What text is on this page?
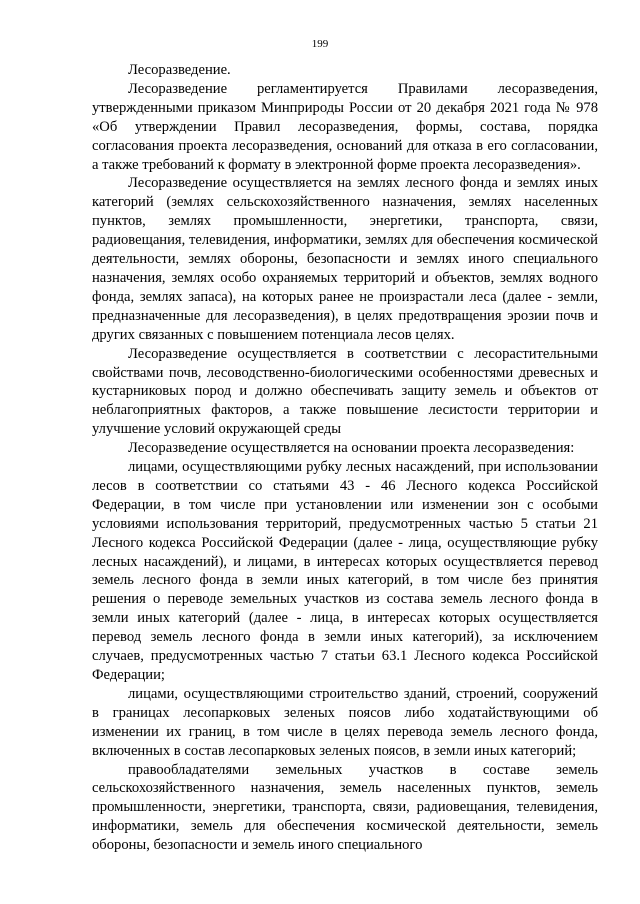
199

Лесоразведение.

Лесоразведение регламентируется Правилами лесоразведения, утвержденными приказом Минприроды России от 20 декабря 2021 года № 978 «Об утверждении Правил лесоразведения, формы, состава, порядка согласования проекта лесоразведения, оснований для отказа в его согласовании, а также требований к формату в электронной форме проекта лесоразведения».

Лесоразведение осуществляется на землях лесного фонда и землях иных категорий (землях сельскохозяйственного назначения, землях населенных пунктов, землях промышленности, энергетики, транспорта, связи, радиовещания, телевидения, информатики, землях для обеспечения космической деятельности, землях обороны, безопасности и землях иного специального назначения, землях особо охраняемых территорий и объектов, землях водного фонда, землях запаса), на которых ранее не произрастали леса (далее - земли, предназначенные для лесоразведения), в целях предотвращения эрозии почв и других связанных с повышением потенциала лесов целях.

Лесоразведение осуществляется в соответствии с лесорастительными свойствами почв, лесоводственно-биологическими особенностями древесных и кустарниковых пород и должно обеспечивать защиту земель и объектов от неблагоприятных факторов, а также повышение лесистости территории и улучшение условий окружающей среды

Лесоразведение осуществляется на основании проекта лесоразведения:

лицами, осуществляющими рубку лесных насаждений, при использовании лесов в соответствии со статьями 43 - 46 Лесного кодекса Российской Федерации, в том числе при установлении или изменении зон с особыми условиями использования территорий, предусмотренных частью 5 статьи 21 Лесного кодекса Российской Федерации (далее - лица, осуществляющие рубку лесных насаждений), и лицами, в интересах которых осуществляется перевод земель лесного фонда в земли иных категорий, в том числе без принятия решения о переводе земельных участков из состава земель лесного фонда в земли иных категорий (далее - лица, в интересах которых осуществляется перевод земель лесного фонда в земли иных категорий), за исключением случаев, предусмотренных частью 7 статьи 63.1 Лесного кодекса Российской Федерации;

лицами, осуществляющими строительство зданий, строений, сооружений в границах лесопарковых зеленых поясов либо ходатайствующими об изменении их границ, в том числе в целях перевода земель лесного фонда, включенных в состав лесопарковых зеленых поясов, в земли иных категорий;

правообладателями земельных участков в составе земель сельскохозяйственного назначения, земель населенных пунктов, земель промышленности, энергетики, транспорта, связи, радиовещания, телевидения, информатики, земель для обеспечения космической деятельности, земель обороны, безопасности и земель иного специального
